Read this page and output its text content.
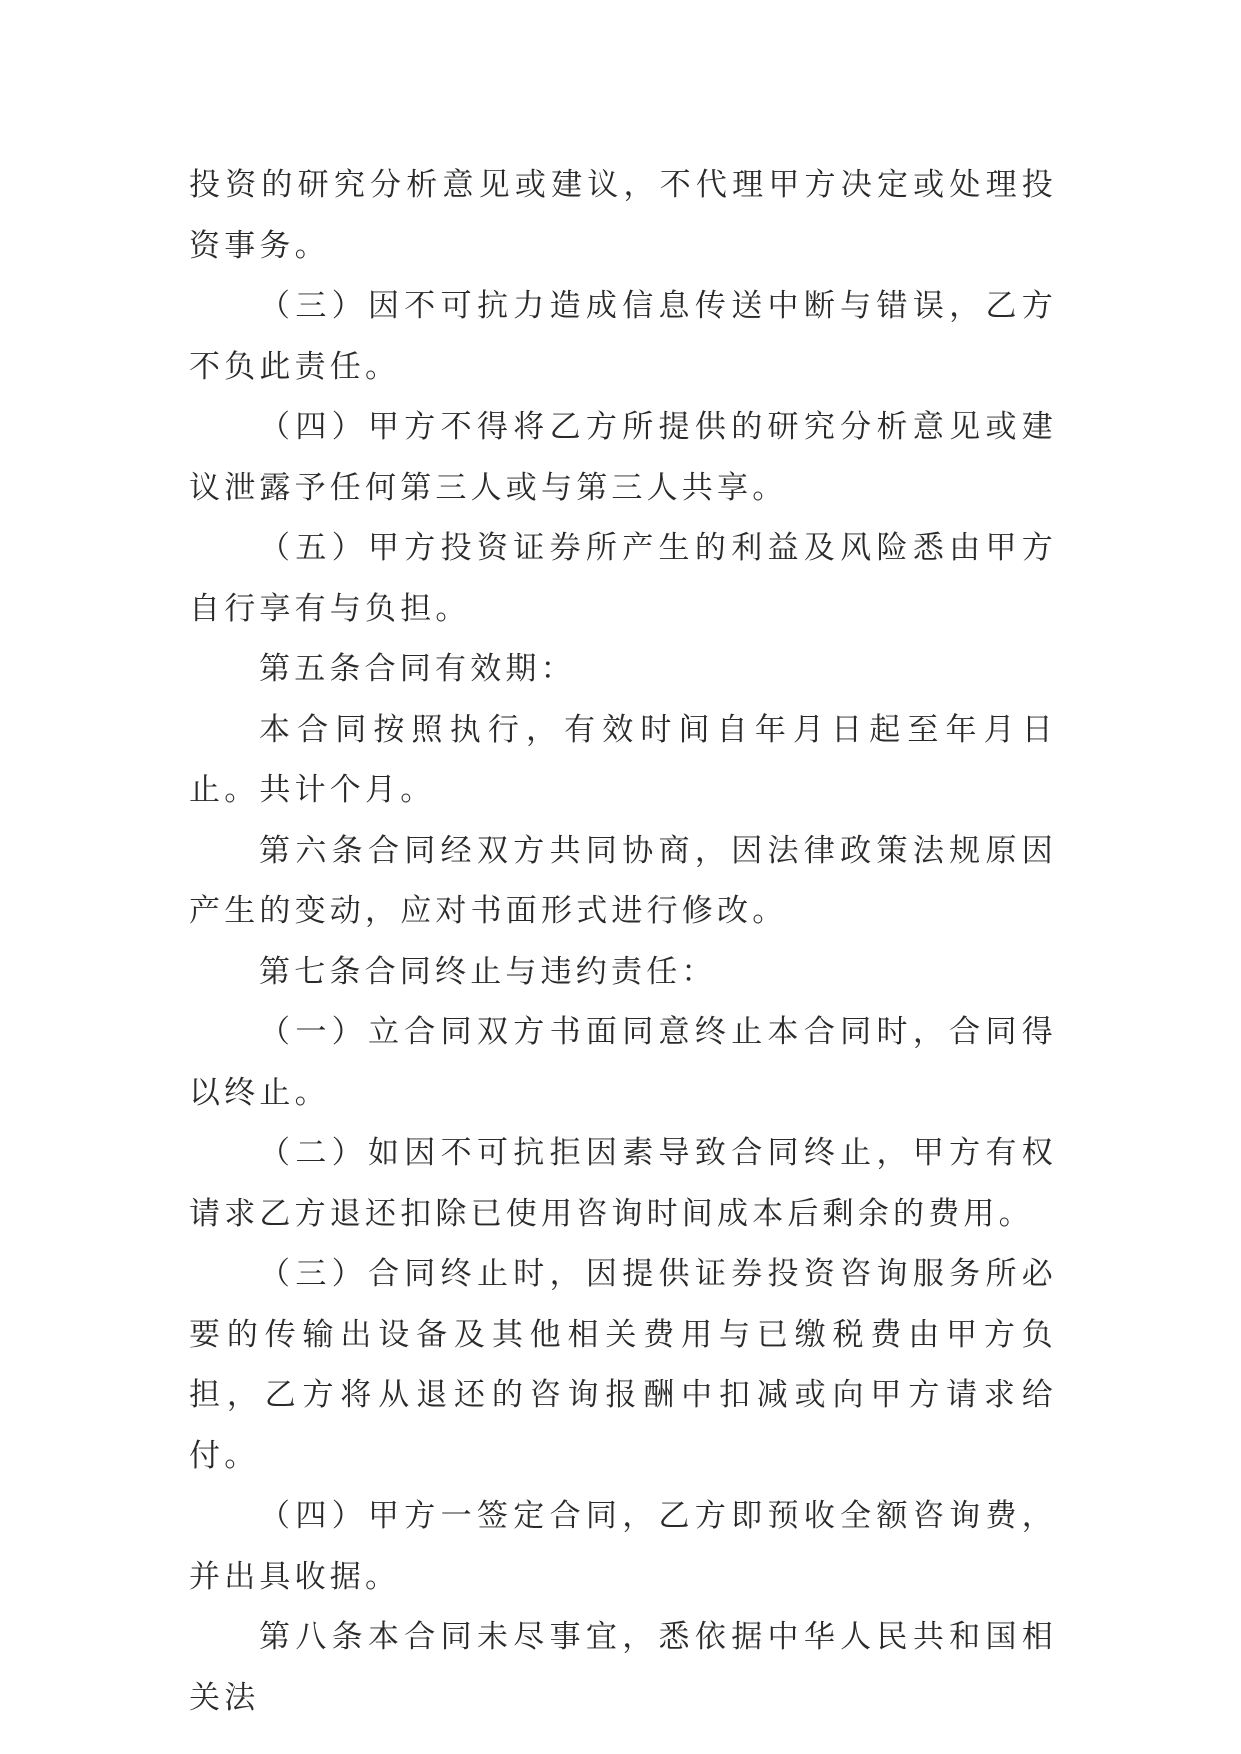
投资的研究分析意见或建议，不代理甲方决定或处理投资事务。

（三）因不可抗力造成信息传送中断与错误，乙方不负此责任。

（四）甲方不得将乙方所提供的研究分析意见或建议泄露予任何第三人或与第三人共享。

（五）甲方投资证券所产生的利益及风险悉由甲方自行享有与负担。

第五条合同有效期：

本合同按照执行，有效时间自年月日起至年月日止。共计个月。

第六条合同经双方共同协商，因法律政策法规原因产生的变动，应对书面形式进行修改。

第七条合同终止与违约责任：

（一）立合同双方书面同意终止本合同时，合同得以终止。

（二）如因不可抗拒因素导致合同终止，甲方有权请求乙方退还扣除已使用咨询时间成本后剩余的费用。

（三）合同终止时，因提供证券投资咨询服务所必要的传输出设备及其他相关费用与已缴税费由甲方负担，乙方将从退还的咨询报酬中扣减或向甲方请求给付。

（四）甲方一签定合同，乙方即预收全额咨询费，并出具收据。

第八条本合同未尽事宜，悉依据中华人民共和国相关法
